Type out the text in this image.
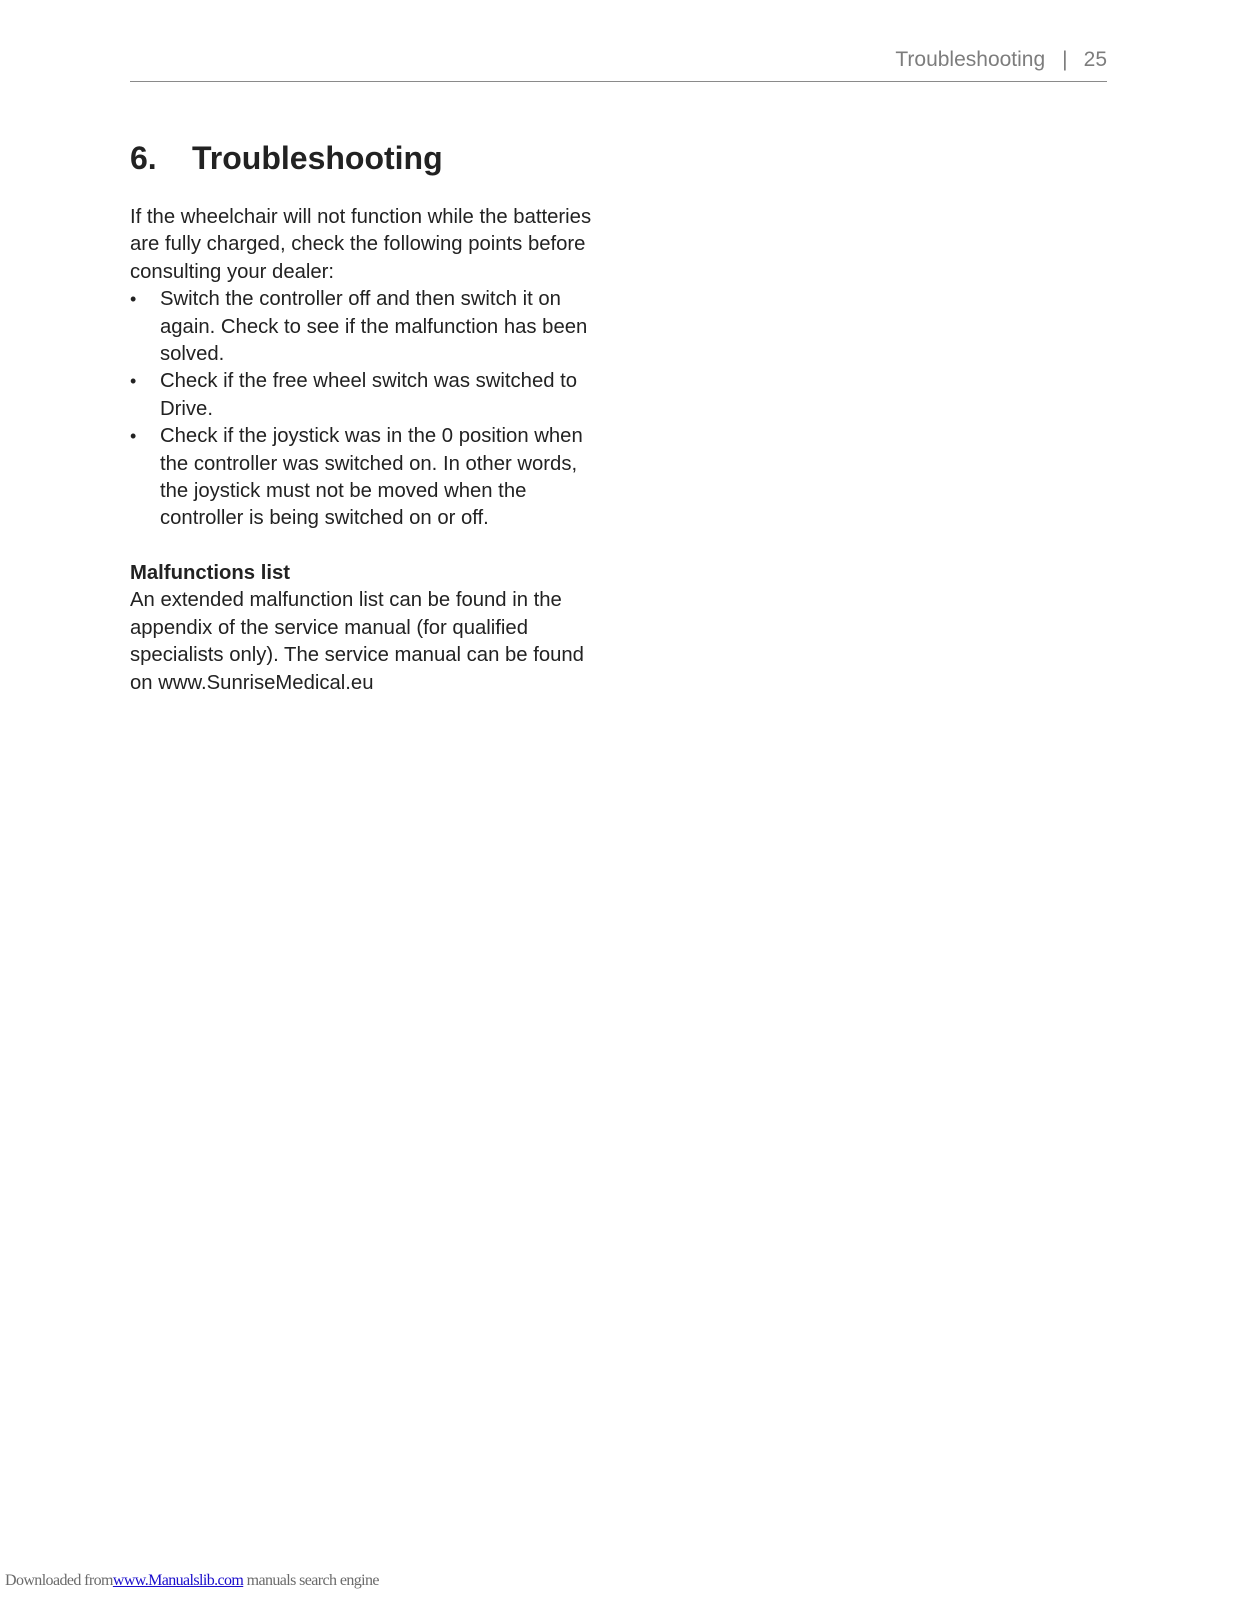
Troubleshooting | 25
6. Troubleshooting

If the wheelchair will not function while the batteries are fully charged, check the following points before consulting your dealer:

•	Switch the controller off and then switch it on again. Check to see if the malfunction has been solved.
•	Check if the free wheel switch was switched to Drive.
•	Check if the joystick was in the 0 position when the controller was switched on. In other words, the joystick must not be moved when the controller is being switched on or off.
Malfunctions list

An extended malfunction list can be found in the appendix of the service manual (for qualified specialists only). The service manual can be found on www.SunriseMedical.eu

Downloaded fromwww.Manualslib.com manuals search engine
